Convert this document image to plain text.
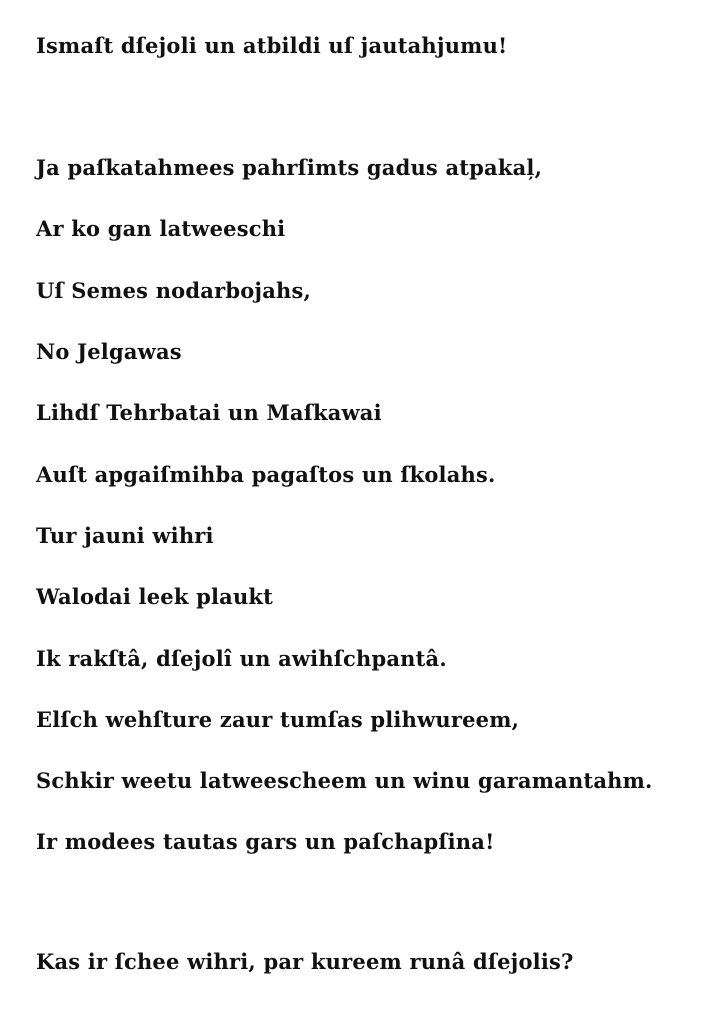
Ismaſt dſejoli un atbildi uſ jautahjumu!

Ja paſkatahmees pahrſimts gadus atpakaļ,

Ar ko gan latweeschi

Uſ Semes nodarbojahs,

No Jelgawas

Lihdſ Tehrbatai un Maſkawai

Auſt apgaiſmihba pagaſtos un ſkolahs.

Tur jauni wihri

Walodai leek plaukt

Ik rakſtâ, dſejolî un awihſchpantâ.

Elſch wehſture zaur tumſas plihwureem,

Schkir weetu latweescheem un winu garamantahm.

Ir modees tautas gars un paſchapſina!

Kas ir ſchee wihri, par kureem runâ dſejolis?
